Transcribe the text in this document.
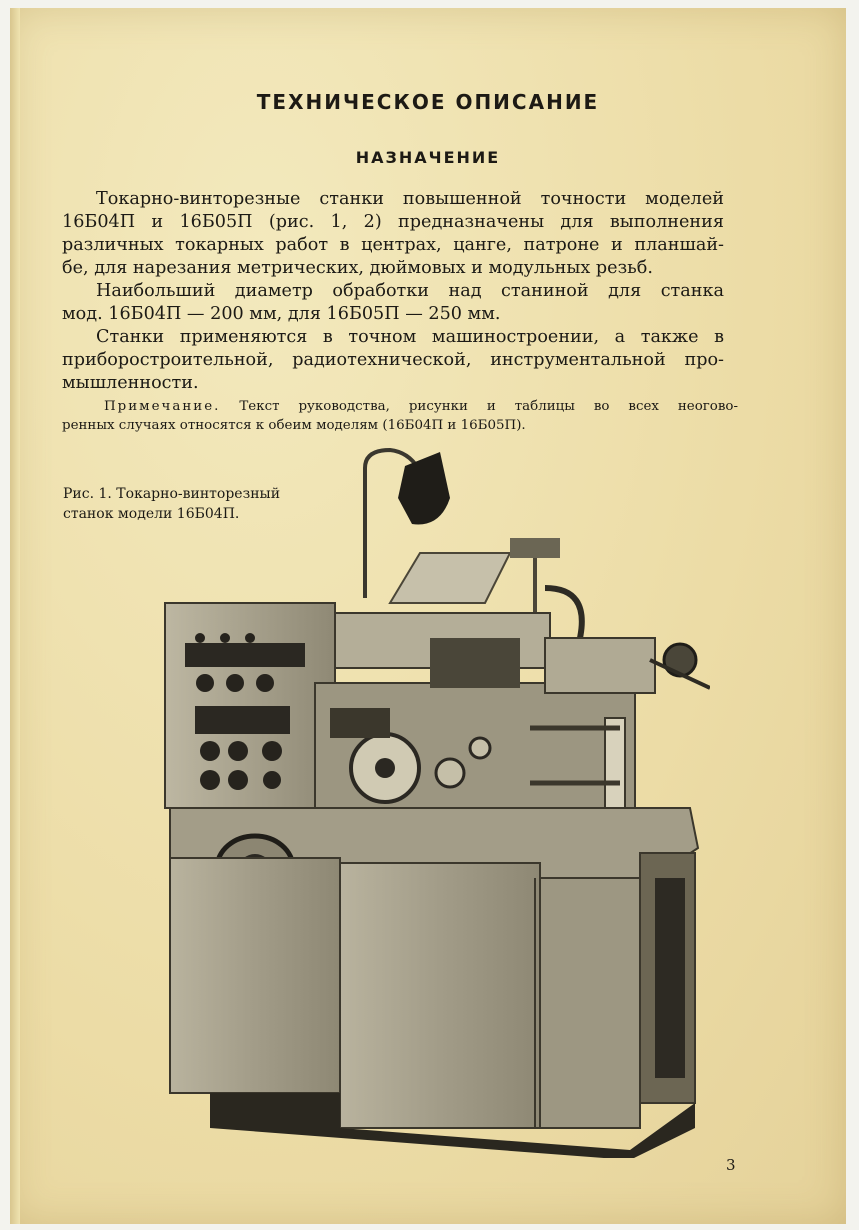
ТЕХНИЧЕСКОЕ ОПИСАНИЕ
НАЗНАЧЕНИЕ
Токарно-винторезные станки повышенной точности моделей
16Б04П и 16Б05П (рис. 1, 2) предназначены для выполнения
различных токарных работ в центрах, цанге, патроне и планшай-
бе, для нарезания метрических, дюймовых и модульных резьб.
Наибольший диаметр обработки над станиной для станка
мод. 16Б04П — 200 мм, для 16Б05П — 250 мм.
Станки применяются в точном машиностроении, а также в
приборостроительной, радиотехнической, инструментальной про-
мышленности.
Примечание. Текст руководства, рисунки и таблицы во всех неогово-
ренных случаях относятся к обеим моделям (16Б04П и 16Б05П).
Рис. 1. Токарно-винторезный
станок модели 16Б04П.
3
